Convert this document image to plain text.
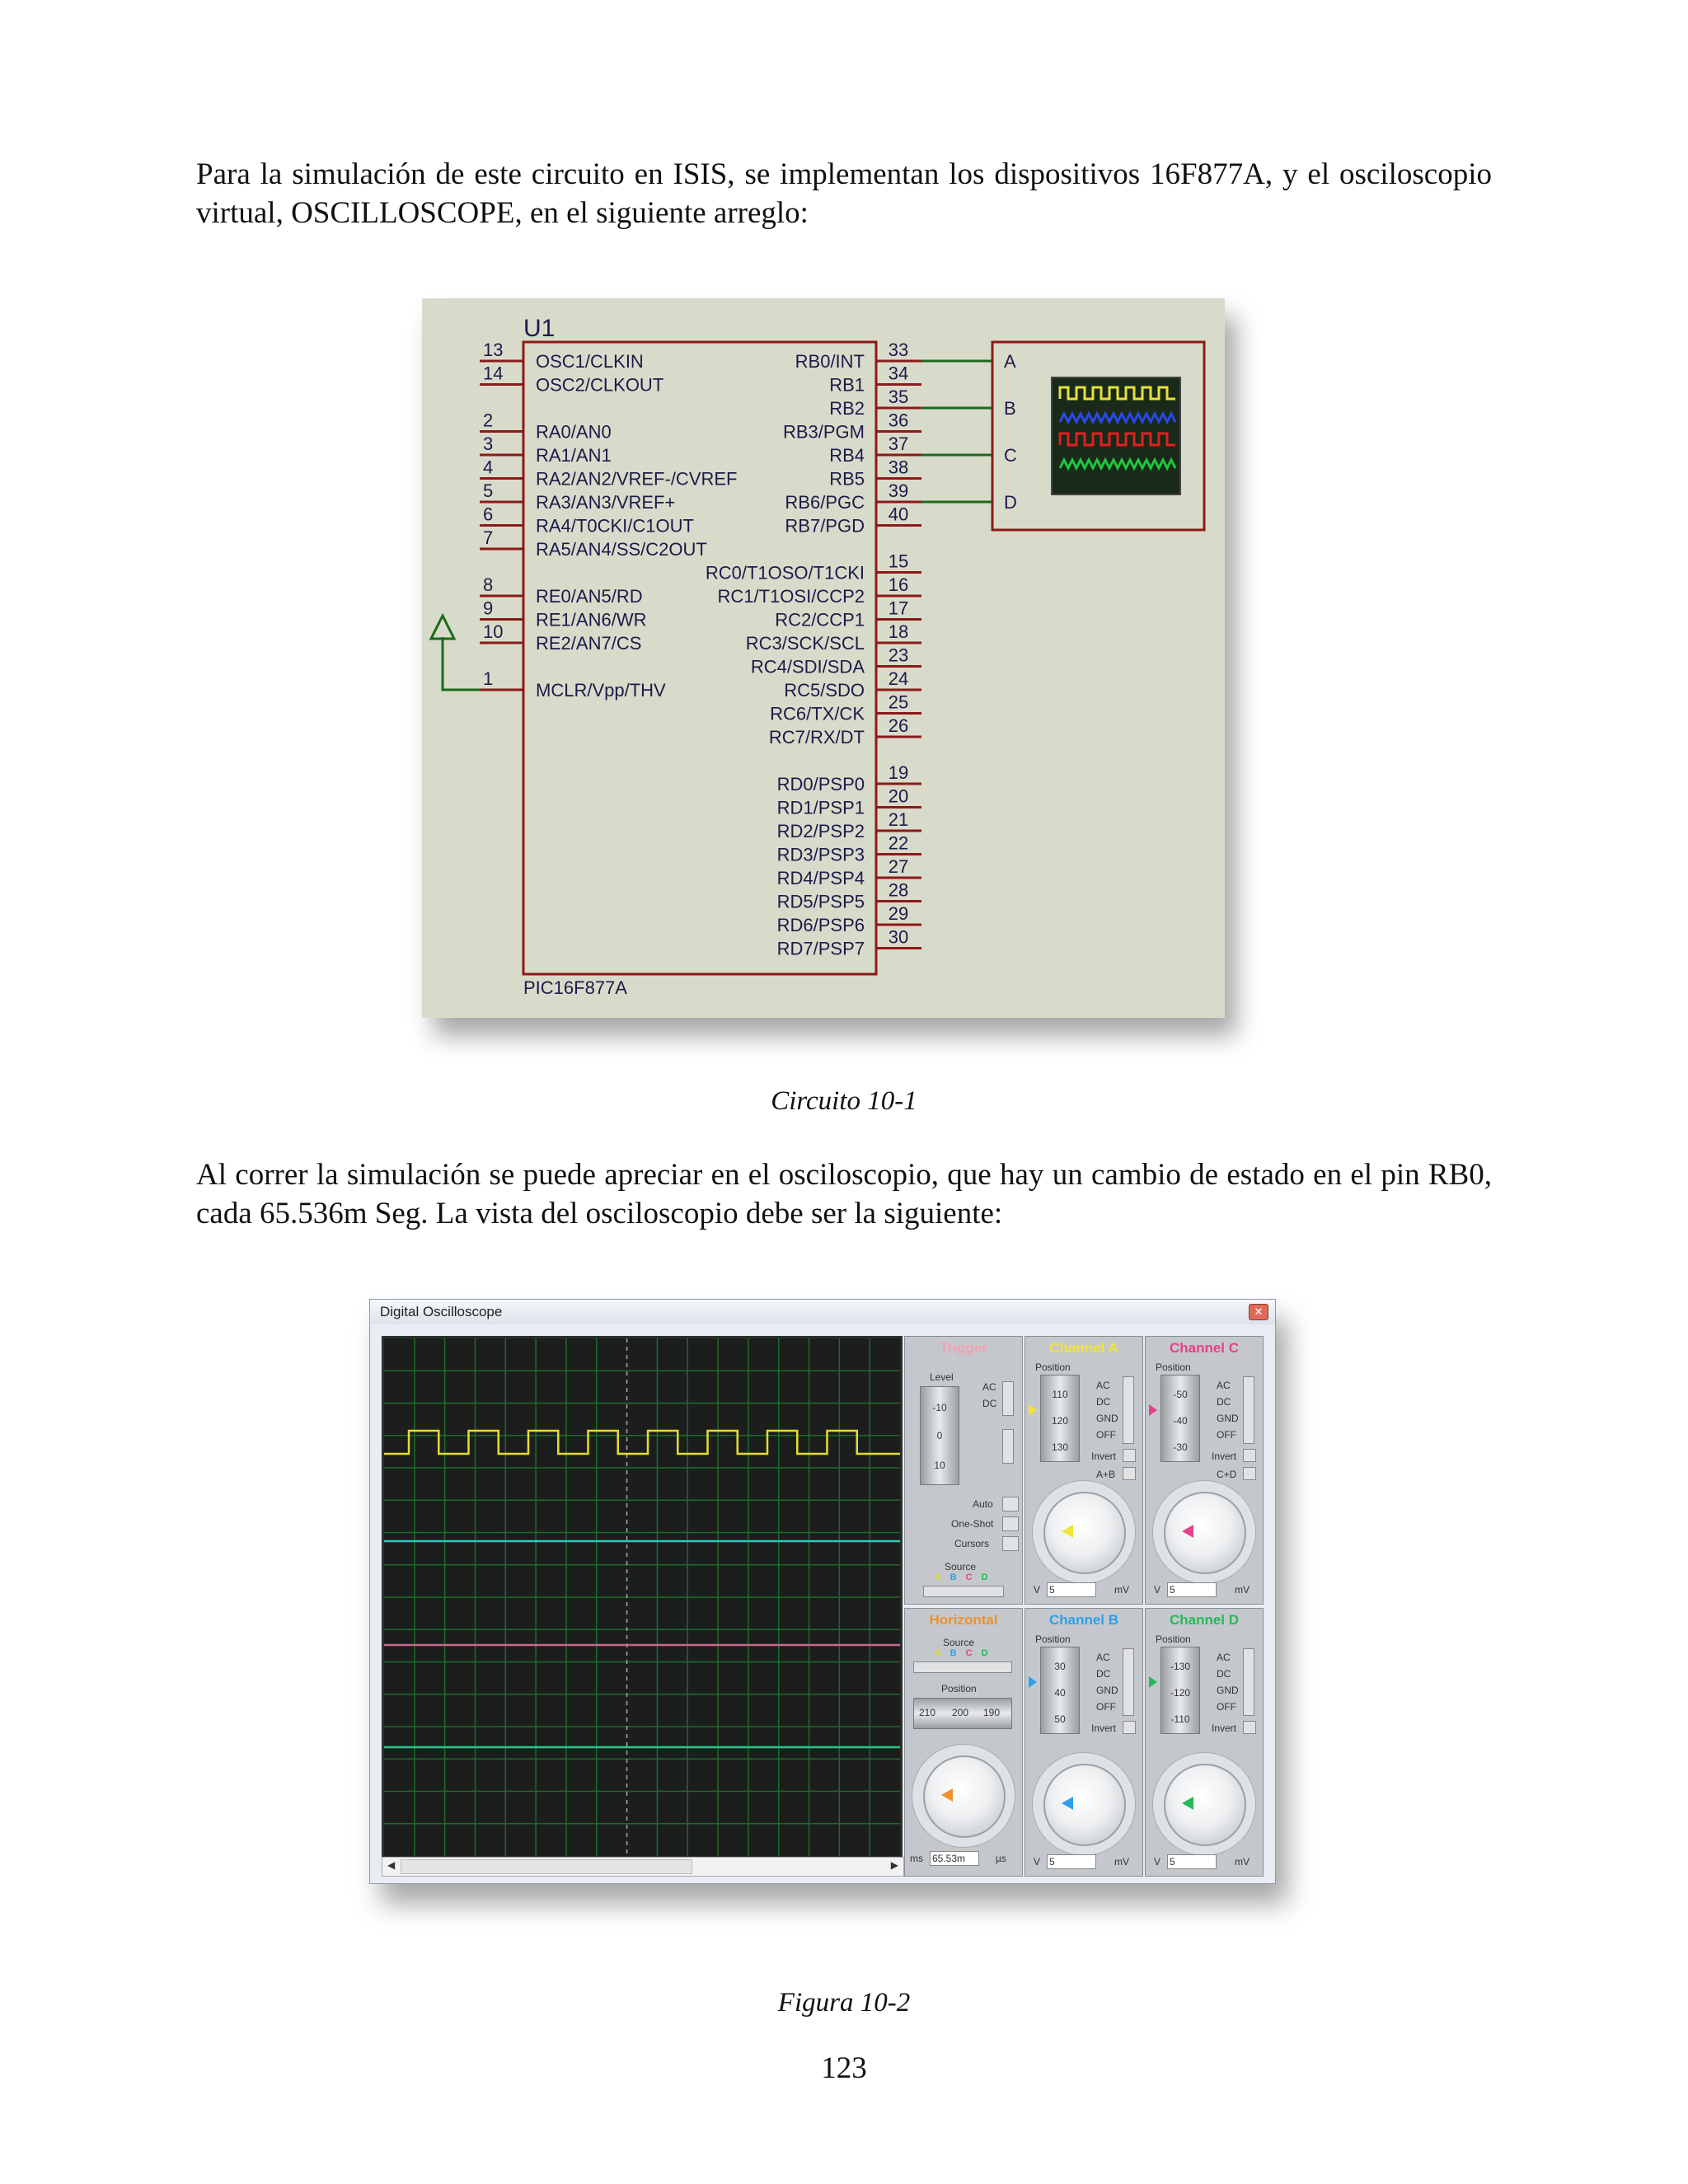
Para la simulación de este circuito en ISIS, se implementan los dispositivos 16F877A, y el osciloscopio virtual, OSCILLOSCOPE, en el siguiente arreglo:
U1
PIC16F877A
13
OSC1/CLKIN
14
OSC2/CLKOUT
2
RA0/AN0
3
RA1/AN1
4
RA2/AN2/VREF-/CVREF
5
RA3/AN3/VREF+
6
RA4/T0CKI/C1OUT
7
RA5/AN4/SS/C2OUT
8
RE0/AN5/RD
9
RE1/AN6/WR
10
RE2/AN7/CS
1
MCLR/Vpp/THV
33
RB0/INT
34
RB1
35
RB2
36
RB3/PGM
37
RB4
38
RB5
39
RB6/PGC
40
RB7/PGD
15
RC0/T1OSO/T1CKI
16
RC1/T1OSI/CCP2
17
RC2/CCP1
18
RC3/SCK/SCL
23
RC4/SDI/SDA
24
RC5/SDO
25
RC6/TX/CK
26
RC7/RX/DT
19
RD0/PSP0
20
RD1/PSP1
21
RD2/PSP2
22
RD3/PSP3
27
RD4/PSP4
28
RD5/PSP5
29
RD6/PSP6
30
RD7/PSP7
A
B
C
D
Circuito 10-1
Al correr la simulación se puede apreciar en el osciloscopio, que hay un cambio de estado en el pin RB0, cada 65.536m Seg. La vista del osciloscopio debe ser la siguiente:
Digital Oscilloscope	✕
◀	▶
Trigger
Level
-10
0
10
AC
DC
Auto
One-Shot
Cursors
Source
A B C D
Channel A
Position
110
120
130
AC
DC
GND
OFF
Invert
A+B
V 5	mV
Channel C
Position
-50
-40
-30
AC
DC
GND
OFF
Invert
C+D
V 5	mV
Horizontal
Source
A B C D
Position
210 200 190
ms 65.53m	µs
Channel B
Position
30
40
50
AC
DC
GND
OFF
Invert
V 5	mV
Channel D
Position
-130
-120
-110
AC
DC
GND
OFF
Invert
V 5	mV
Figura 10-2
123
